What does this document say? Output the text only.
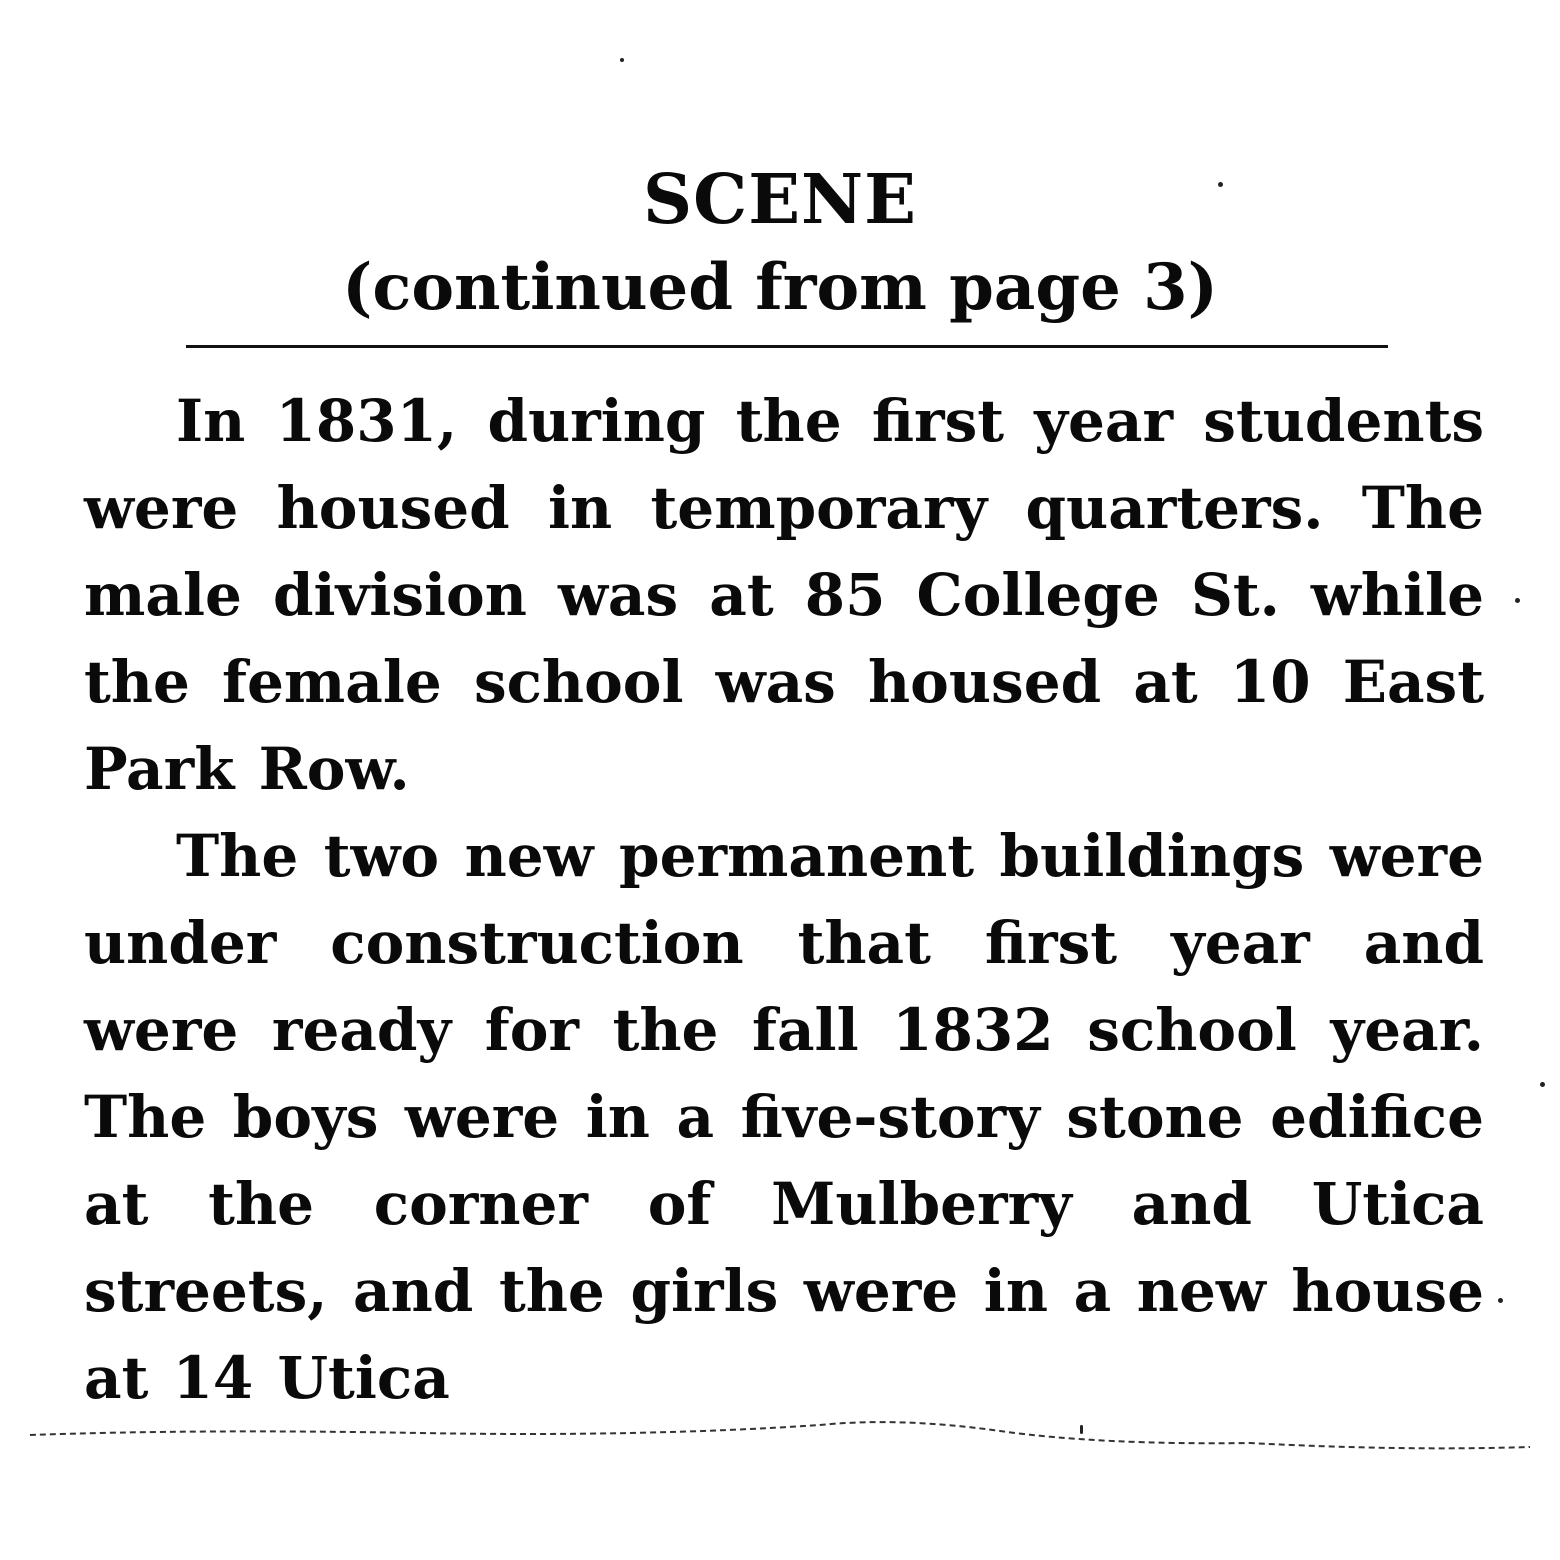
SCENE
(continued from page 3)

In 1831, during the first year students were housed in temporary quarters. The male division was at 85 College St. while the female school was housed at 10 East Park Row.

The two new permanent buildings were under construction that first year and were ready for the fall 1832 school year. The boys were in a five-story stone edifice at the corner of Mulberry and Utica streets, and the girls were in a new house at 14 Utica
